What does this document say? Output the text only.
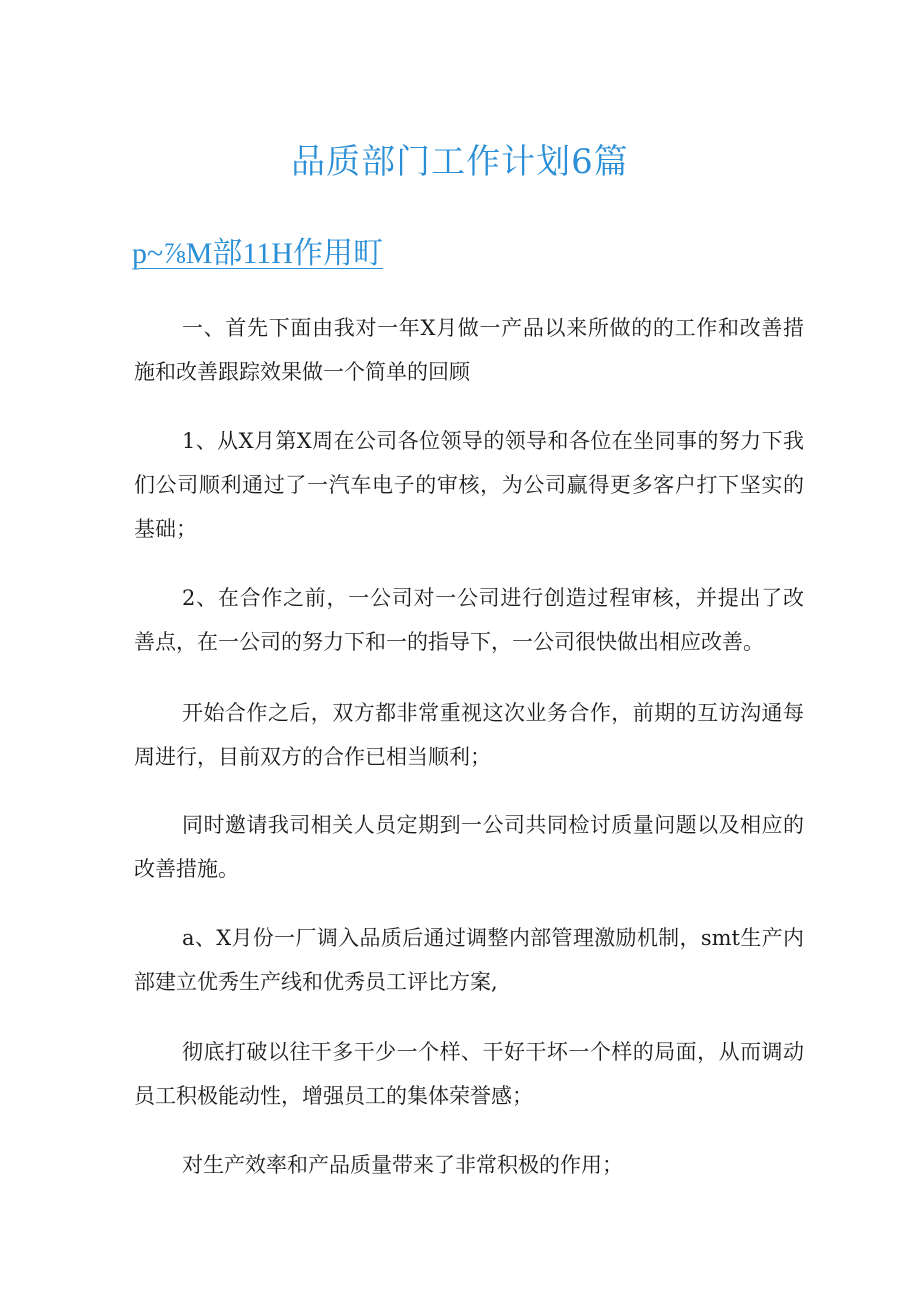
品质部门工作计划6篇
p~⅞M部11H作用町

一、首先下面由我对一年X月做一产品以来所做的的工作和改善措施和改善跟踪效果做一个简单的回顾

1、从X月第X周在公司各位领导的领导和各位在坐同事的努力下我们公司顺利通过了一汽车电子的审核，为公司赢得更多客户打下坚实的基础；

2、在合作之前，一公司对一公司进行创造过程审核，并提出了改善点，在一公司的努力下和一的指导下，一公司很快做出相应改善。

开始合作之后，双方都非常重视这次业务合作，前期的互访沟通每周进行，目前双方的合作已相当顺利；

同时邀请我司相关人员定期到一公司共同检讨质量问题以及相应的改善措施。

a、X月份一厂调入品质后通过调整内部管理激励机制，smt生产内部建立优秀生产线和优秀员工评比方案,

彻底打破以往干多干少一个样、干好干坏一个样的局面，从而调动员工积极能动性，增强员工的集体荣誉感；

对生产效率和产品质量带来了非常积极的作用；
